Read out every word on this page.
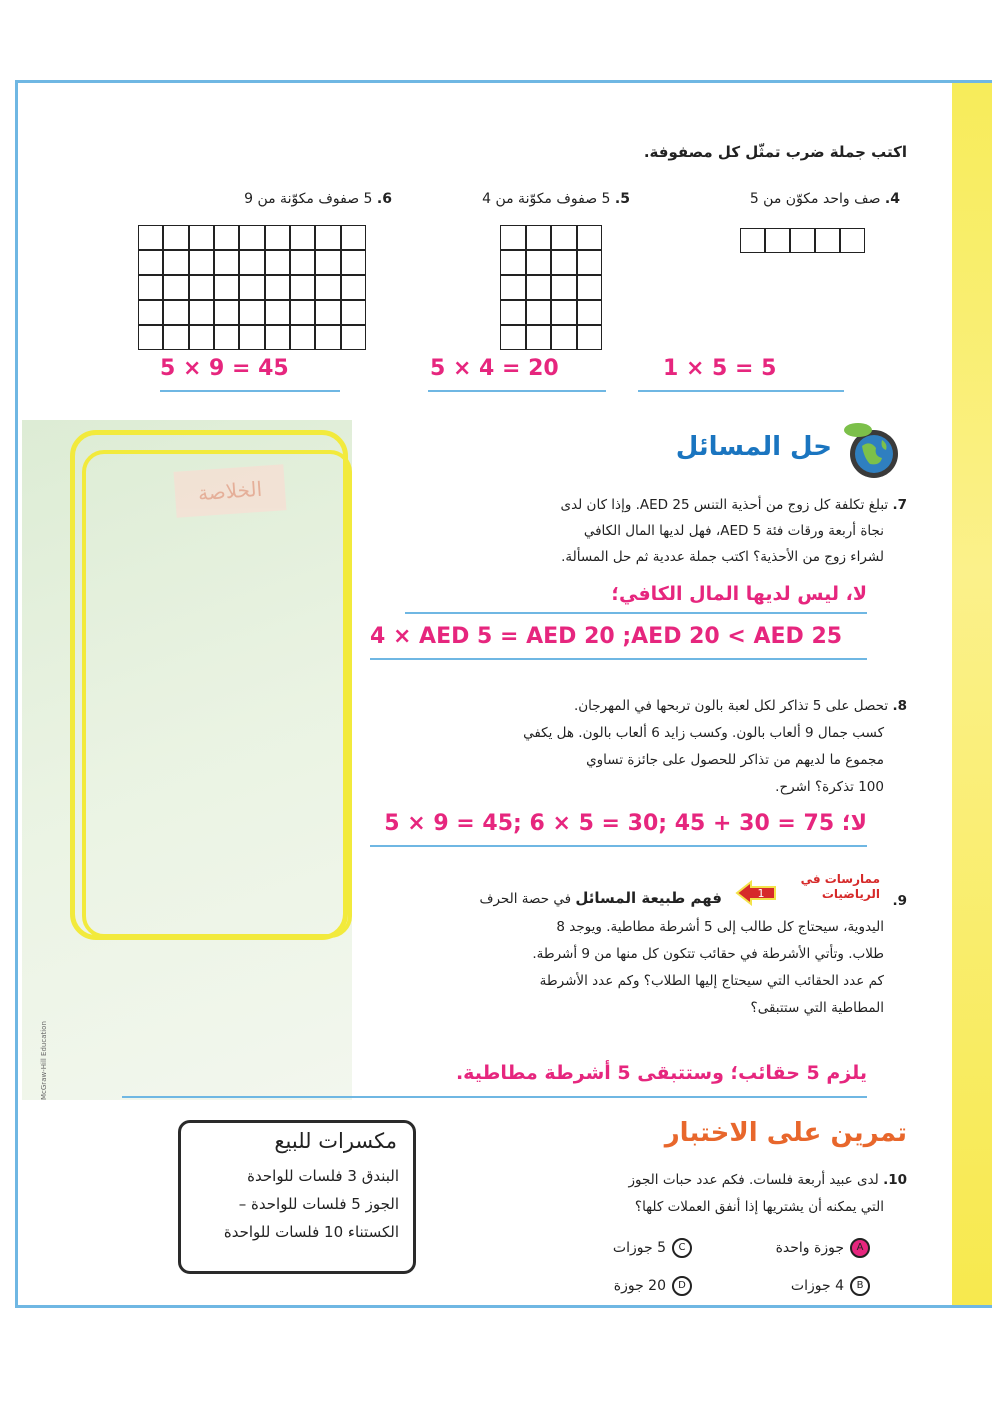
الخلاصة
McGraw-Hill Education
اكتب جملة ضرب تمثّل كل مصفوفة.
4. صف واحد مكوّن من 5
1 × 5 = 5
5. 5 صفوف مكوّنة من 4
5 × 4 = 20
6. 5 صفوف مكوّنة من 9
5 × 9 = 45
حل المسائل
7. تبلغ تكلفة كل زوج من أحذية التنس AED 25. وإذا كان لدى
نجاة أربعة ورقات فئة AED 5، فهل لديها المال الكافي
لشراء زوج من الأحذية؟ اكتب جملة عددية ثم حل المسألة.
لا، ليس لديها المال الكافي؛
4 × AED 5 = AED 20 ;AED 20 < AED 25
8. تحصل على 5 تذاكر لكل لعبة بالون تربحها في المهرجان.
كسب جمال 9 ألعاب بالون. وكسب زايد 6 ألعاب بالون. هل يكفي
مجموع ما لديهم من تذاكر للحصول على جائزة تساوي
100 تذكرة؟ اشرح.
لا؛ 75 = 30 + 45 ;30 = 5 × 6 ;45 = 9 × 5
1
ممارسات في الرياضيات 9.
فهم طبيعة المسائل في حصة الحرف
اليدوية، سيحتاج كل طالب إلى 5 أشرطة مطاطية. ويوجد 8
طلاب. وتأتي الأشرطة في حقائب تتكون كل منها من 9 أشرطة.
كم عدد الحقائب التي سيحتاج إليها الطلاب؟ وكم عدد الأشرطة
المطاطية التي ستتبقى؟
يلزم 5 حقائب؛ وستتبقى 5 أشرطة مطاطية.
تمرين على الاختبار
مكسرات للبيع
البندق 3 فلسات للواحدة
الجوز 5 فلسات للواحدة –
الكستناء 10 فلسات للواحدة
10. لدى عبيد أربعة فلسات. فكم عدد حبات الجوز
التي يمكنه أن يشتريها إذا أنفق العملات كلها؟
Aجوزة واحدة
C5 جوزات
B4 جوزات
D20 جوزة
